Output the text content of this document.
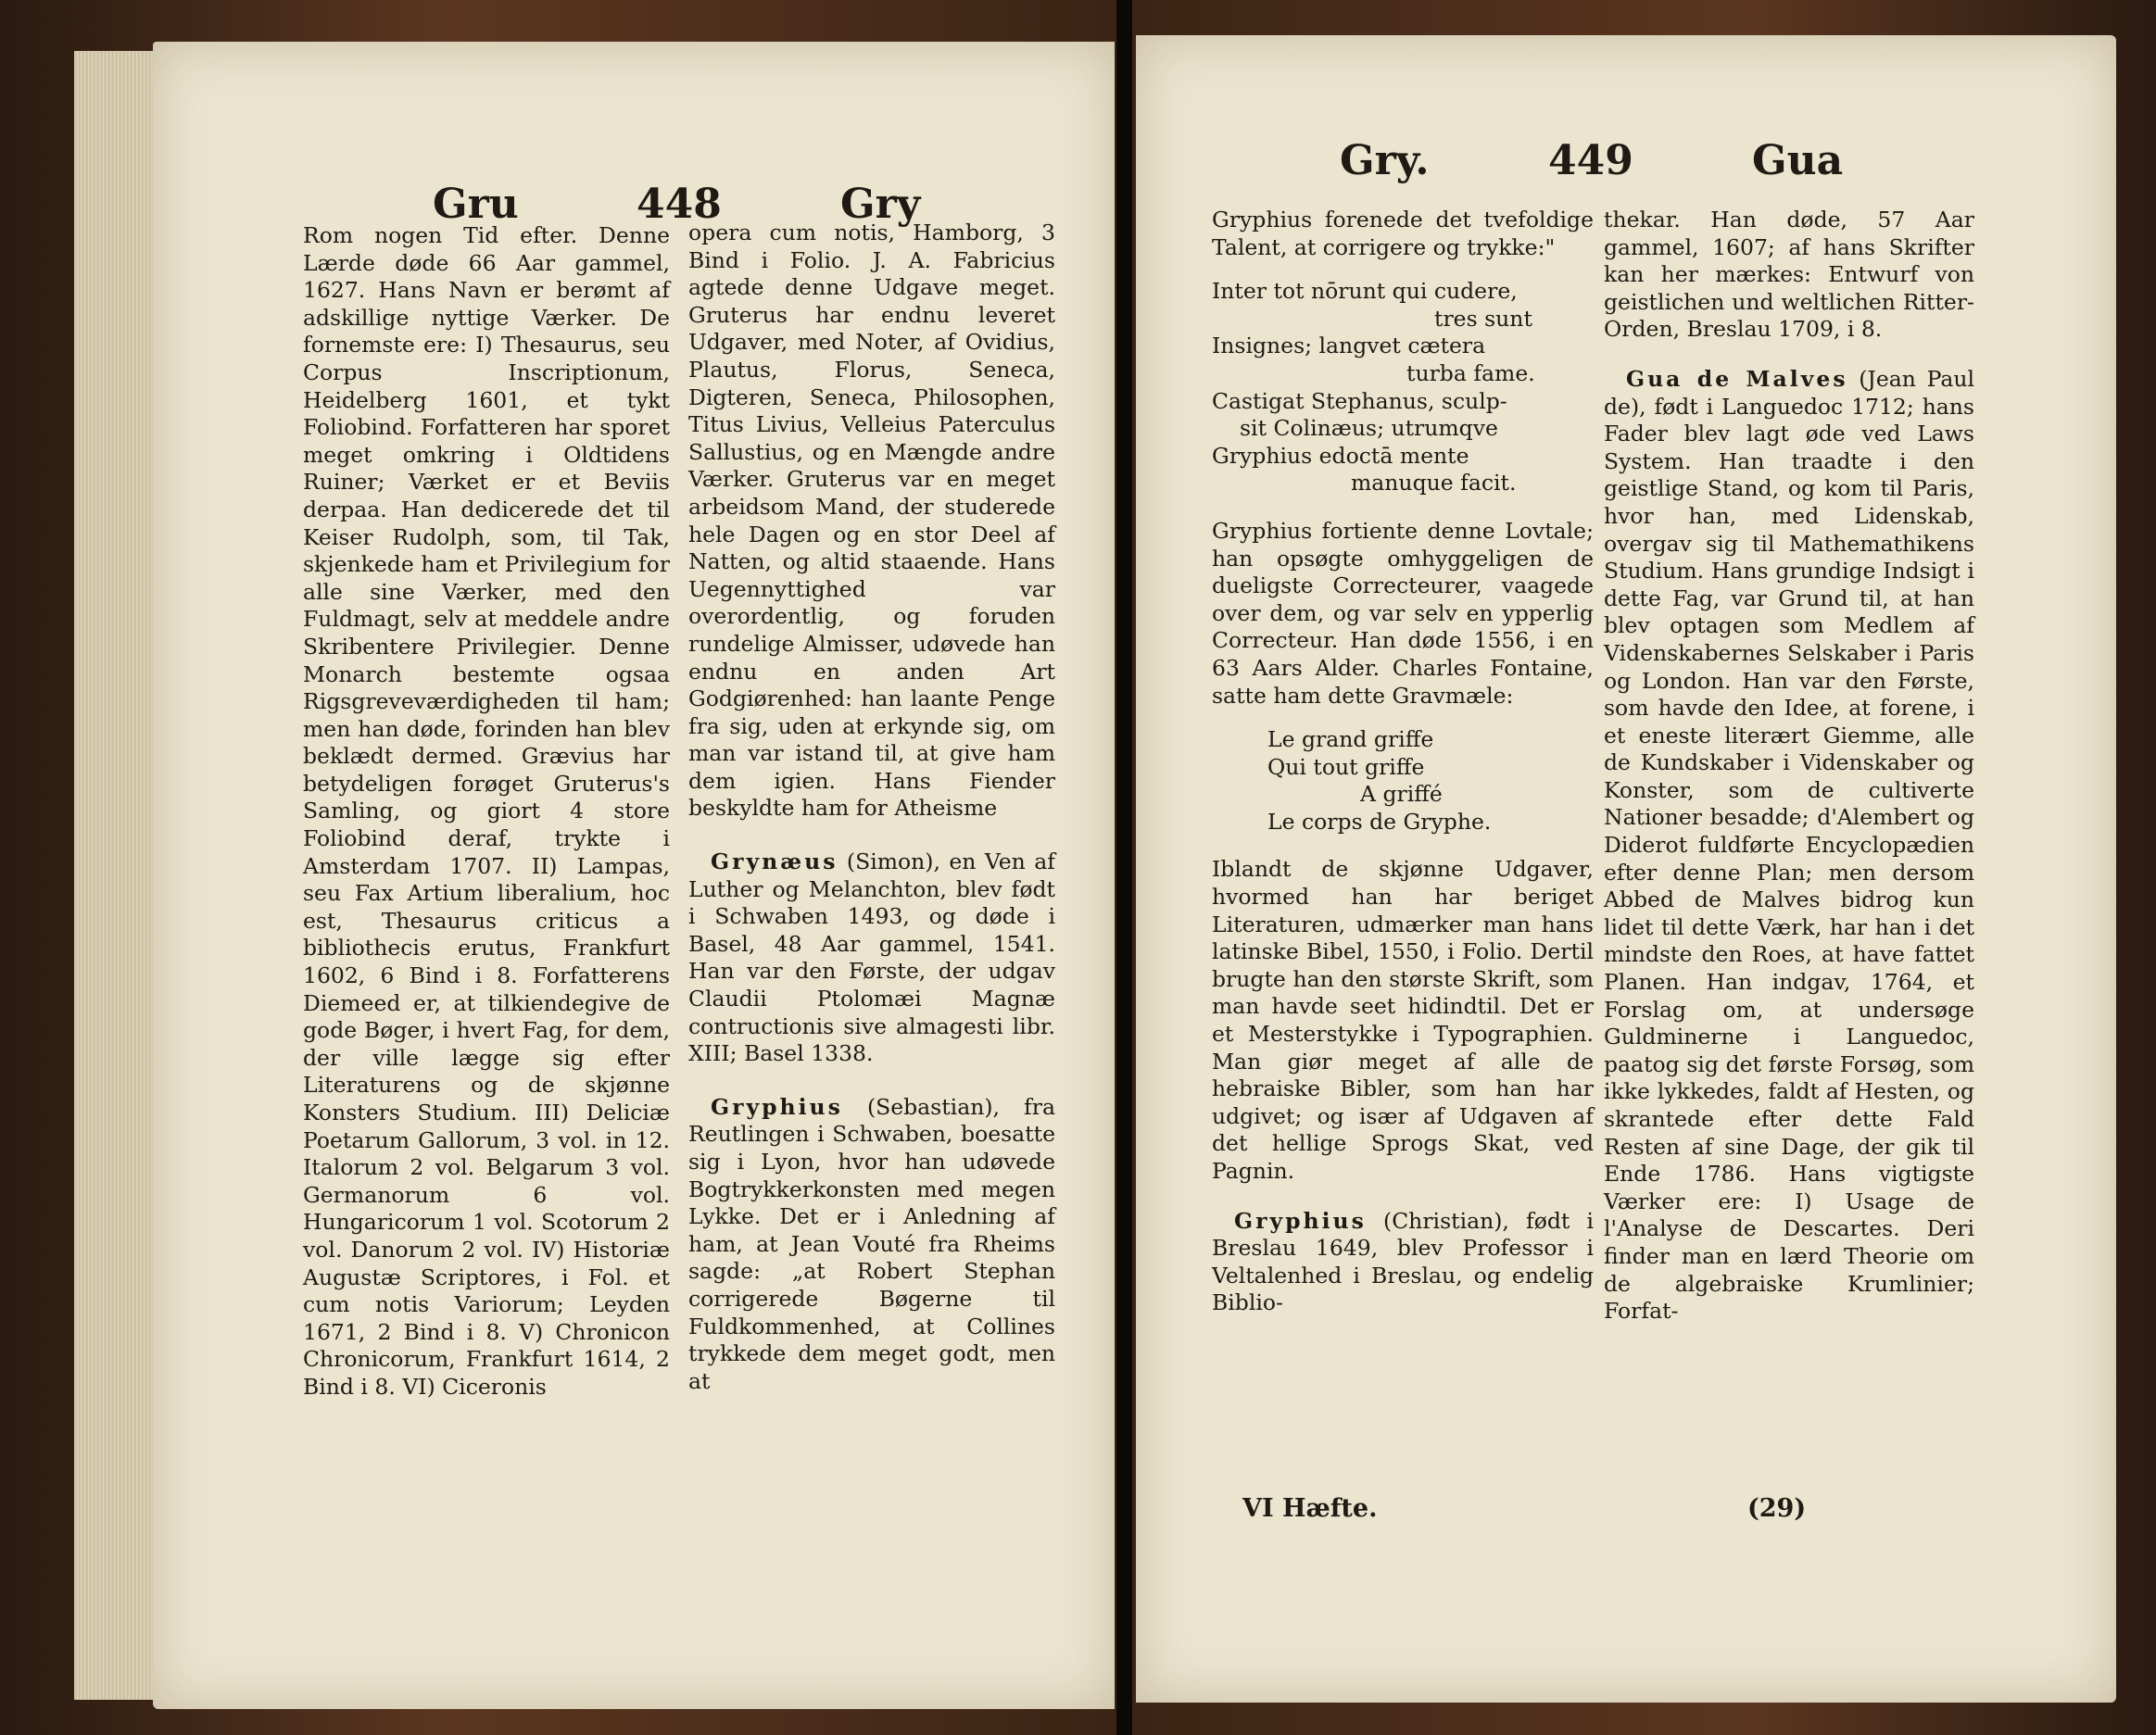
Gru	448	Gry

Rom nogen Tid efter. Denne Lærde døde 66 Aar gammel, 1627. Hans Navn er berømt af adskillige nyttige Værker. De fornemste ere: I) Thesaurus, seu Corpus Inscriptionum, Heidelberg 1601, et tykt Foliobind. Forfatteren har sporet meget omkring i Oldtidens Ruiner; Værket er et Beviis derpaa. Han dedicerede det til Keiser Rudolph, som, til Tak, skjenkede ham et Privilegium for alle sine Værker, med den Fuldmagt, selv at meddele andre Skribentere Privilegier. Denne Monarch bestemte ogsaa Rigsgreveværdigheden til ham; men han døde, forinden han blev beklædt dermed. Grævius har betydeligen forøget Gruterus's Samling, og giort 4 store Foliobind deraf, trykte i Amsterdam 1707. II) Lampas, seu Fax Artium liberalium, hoc est, Thesaurus criticus a bibliothecis erutus, Frankfurt 1602, 6 Bind i 8. Forfatterens Diemeed er, at tilkiendegive de gode Bøger, i hvert Fag, for dem, der ville lægge sig efter Literaturens og de skjønne Konsters Studium. III) Deliciæ Poetarum Gallorum, 3 vol. in 12. Italorum 2 vol. Belgarum 3 vol. Germanorum 6 vol. Hungaricorum 1 vol. Scotorum 2 vol. Danorum 2 vol. IV) Historiæ Augustæ Scriptores, i Fol. et cum notis Variorum; Leyden 1671, 2 Bind i 8. V) Chronicon Chronicorum, Frankfurt 1614, 2 Bind i 8. VI) Ciceronis

opera cum notis, Hamborg, 3 Bind i Folio. J. A. Fabricius agtede denne Udgave meget. Gruterus har endnu leveret Udgaver, med Noter, af Ovidius, Plautus, Florus, Seneca, Digteren, Seneca, Philosophen, Titus Livius, Velleius Paterculus Sallustius, og en Mængde andre Værker. Gruterus var en meget arbeidsom Mand, der studerede hele Dagen og en stor Deel af Natten, og altid staaende. Hans Uegennyttighed var overordentlig, og foruden rundelige Almisser, udøvede han endnu en anden Art Godgiørenhed: han laante Penge fra sig, uden at erkynde sig, om man var istand til, at give ham dem igien. Hans Fiender beskyldte ham for Atheisme

Grynæus (Simon), en Ven af Luther og Melanchton, blev født i Schwaben 1493, og døde i Basel, 48 Aar gammel, 1541. Han var den Første, der udgav Claudii Ptolomæi Magnæ contructionis sive almagesti libr. XIII; Basel 1338.

Gryphius (Sebastian), fra Reutlingen i Schwaben, boesatte sig i Lyon, hvor han udøvede Bogtrykkerkonsten med megen Lykke. Det er i Anledning af ham, at Jean Vouté fra Rheims sagde: „at Robert Stephan corrigerede Bøgerne til Fuldkommenhed, at Collines trykkede dem meget godt, men at

Gry.	449	Gua

Gryphius forenede det tvefoldige Talent, at corrigere og trykke:"

Inter tot nōrunt qui cudere,
tres sunt
Insignes; langvet cætera
turba fame.
Castigat Stephanus, sculp-
sit Colinæus; utrumqve
Gryphius edoctā mente
manuque facit.

Gryphius fortiente denne Lovtale; han opsøgte omhyggeligen de dueligste Correcteurer, vaagede over dem, og var selv en ypperlig Correcteur. Han døde 1556, i en 63 Aars Alder. Charles Fontaine, satte ham dette Gravmæle:

Le grand griffe
Qui tout griffe
A griffé
Le corps de Gryphe.

Iblandt de skjønne Udgaver, hvormed han har beriget Literaturen, udmærker man hans latinske Bibel, 1550, i Folio. Dertil brugte han den største Skrift, som man havde seet hidindtil. Det er et Mesterstykke i Typographien. Man giør meget af alle de hebraiske Bibler, som han har udgivet; og især af Udgaven af det hellige Sprogs Skat, ved Pagnin.

Gryphius (Christian), født i Breslau 1649, blev Professor i Veltalenhed i Breslau, og endelig Biblio-

VI Hæfte.

thekar. Han døde, 57 Aar gammel, 1607; af hans Skrifter kan her mærkes: Entwurf von geistlichen und weltlichen Ritter-Orden, Breslau 1709, i 8.

Gua de Malves (Jean Paul de), født i Languedoc 1712; hans Fader blev lagt øde ved Laws System. Han traadte i den geistlige Stand, og kom til Paris, hvor han, med Lidenskab, overgav sig til Mathemathikens Studium. Hans grundige Indsigt i dette Fag, var Grund til, at han blev optagen som Medlem af Videnskabernes Selskaber i Paris og London. Han var den Første, som havde den Idee, at forene, i et eneste literært Giemme, alle de Kundskaber i Videnskaber og Konster, som de cultiverte Nationer besadde; d'Alembert og Diderot fuldførte Encyclopædien efter denne Plan; men dersom Abbed de Malves bidrog kun lidet til dette Værk, har han i det mindste den Roes, at have fattet Planen. Han indgav, 1764, et Forslag om, at undersøge Guldminerne i Languedoc, paatog sig det første Forsøg, som ikke lykkedes, faldt af Hesten, og skrantede efter dette Fald Resten af sine Dage, der gik til Ende 1786. Hans vigtigste Værker ere: I) Usage de l'Analyse de Descartes. Deri finder man en lærd Theorie om de algebraiske Krumlinier; Forfat-

(29)
